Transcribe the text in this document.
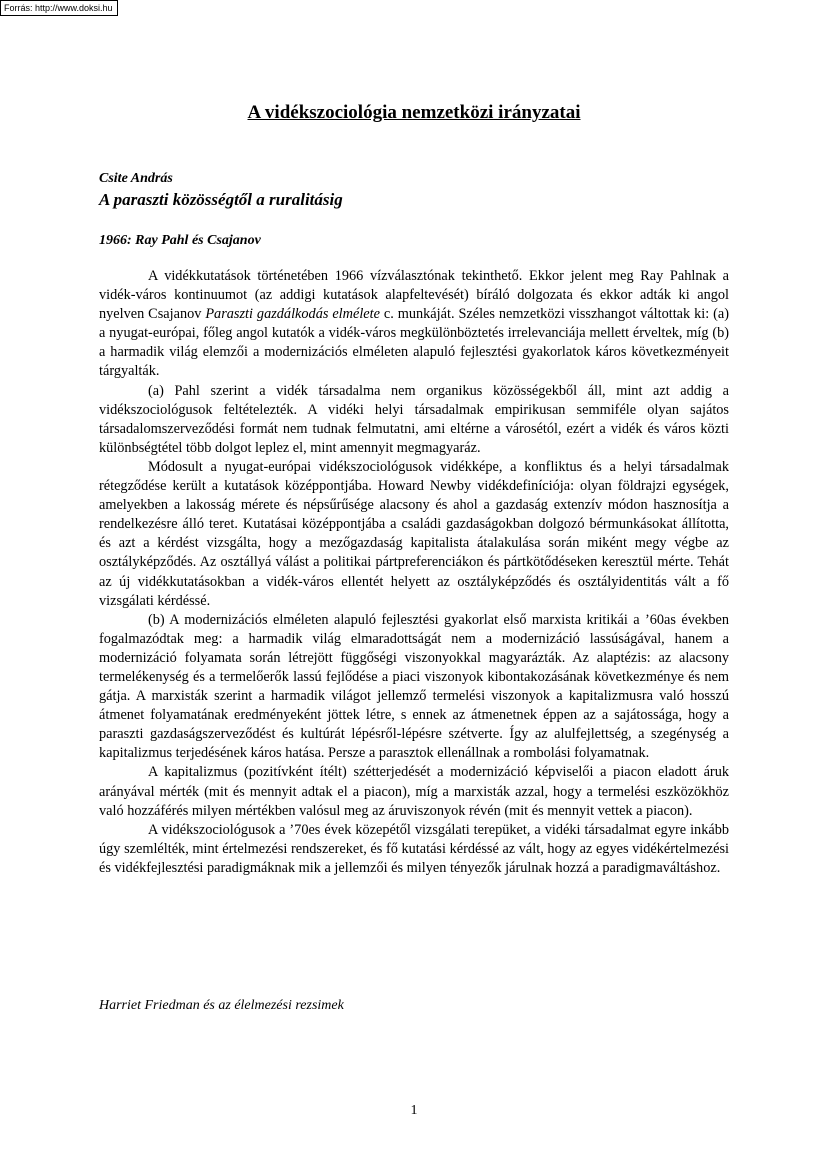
Forrás: http://www.doksi.hu
A vidékszociológia nemzetközi irányzatai
Csite András
A paraszti közösségtől a ruralitásig
1966: Ray Pahl és Csajanov

A vidékkutatások történetében 1966 vízválasztónak tekinthető. Ekkor jelent meg Ray Pahlnak a vidék-város kontinuumot (az addigi kutatások alapfeltevését) bíráló dolgozata és ekkor adták ki angol nyelven Csajanov Paraszti gazdálkodás elmélete c. munkáját. Széles nemzetközi visszhangot váltottak ki: (a) a nyugat-európai, főleg angol kutatók a vidék-város megkülönböztetés irrelevanciája mellett érveltek, míg (b) a harmadik világ elemzői a modernizációs elméleten alapuló fejlesztési gyakorlatok káros következményeit tárgyalták.

(a) Pahl szerint a vidék társadalma nem organikus közösségekből áll, mint azt addig a vidékszociológusok feltételezték. A vidéki helyi társadalmak empirikusan semmiféle olyan sajátos társadalomszerveződési formát nem tudnak felmutatni, ami eltérne a városétól, ezért a vidék és város közti különbségtétel több dolgot leplez el, mint amennyit megmagyaráz.

Módosult a nyugat-európai vidékszociológusok vidékképe, a konfliktus és a helyi társadalmak rétegződése került a kutatások középpontjába. Howard Newby vidékdefiníciója: olyan földrajzi egységek, amelyekben a lakosság mérete és népsűrűsége alacsony és ahol a gazdaság extenzív módon hasznosítja a rendelkezésre álló teret. Kutatásai középpontjába a családi gazdaságokban dolgozó bérmunkásokat állította, és azt a kérdést vizsgálta, hogy a mezőgazdaság kapitalista átalakulása során miként megy végbe az osztályképződés. Az osztállyá válást a politikai pártpreferenciákon és pártkötődéseken keresztül mérte. Tehát az új vidékkutatásokban a vidék-város ellentét helyett az osztályképződés és osztályidentitás vált a fő vizsgálati kérdéssé.

(b) A modernizációs elméleten alapuló fejlesztési gyakorlat első marxista kritikái a ’60as években fogalmazódtak meg: a harmadik világ elmaradottságát nem a modernizáció lassúságával, hanem a modernizáció folyamata során létrejött függőségi viszonyokkal magyarázták. Az alaptézis: az alacsony termelékenység és a termelőerők lassú fejlődése a piaci viszonyok kibontakozásának következménye és nem gátja. A marxisták szerint a harmadik világot jellemző termelési viszonyok a kapitalizmusra való hosszú átmenet folyamatának eredményeként jöttek létre, s ennek az átmenetnek éppen az a sajátossága, hogy a paraszti gazdaságszerveződést és kultúrát lépésről-lépésre szétverte. Így az alulfejlettség, a szegénység a kapitalizmus terjedésének káros hatása. Persze a parasztok ellenállnak a rombolási folyamatnak.

A kapitalizmus (pozitívként ítélt) szétterjedését a modernizáció képviselői a piacon eladott áruk arányával mérték (mit és mennyit adtak el a piacon), míg a marxisták azzal, hogy a termelési eszközökhöz való hozzáférés milyen mértékben valósul meg az áruviszonyok révén (mit és mennyit vettek a piacon).

A vidékszociológusok a ’70es évek közepétől vizsgálati terepüket, a vidéki társadalmat egyre inkább úgy szemlélték, mint értelmezési rendszereket, és fő kutatási kérdéssé az vált, hogy az egyes vidékértelmezési és vidékfejlesztési paradigmáknak mik a jellemzői és milyen tényezők járulnak hozzá a paradigmaváltáshoz.

Harriet Friedman és az élelmezési rezsimek
1
